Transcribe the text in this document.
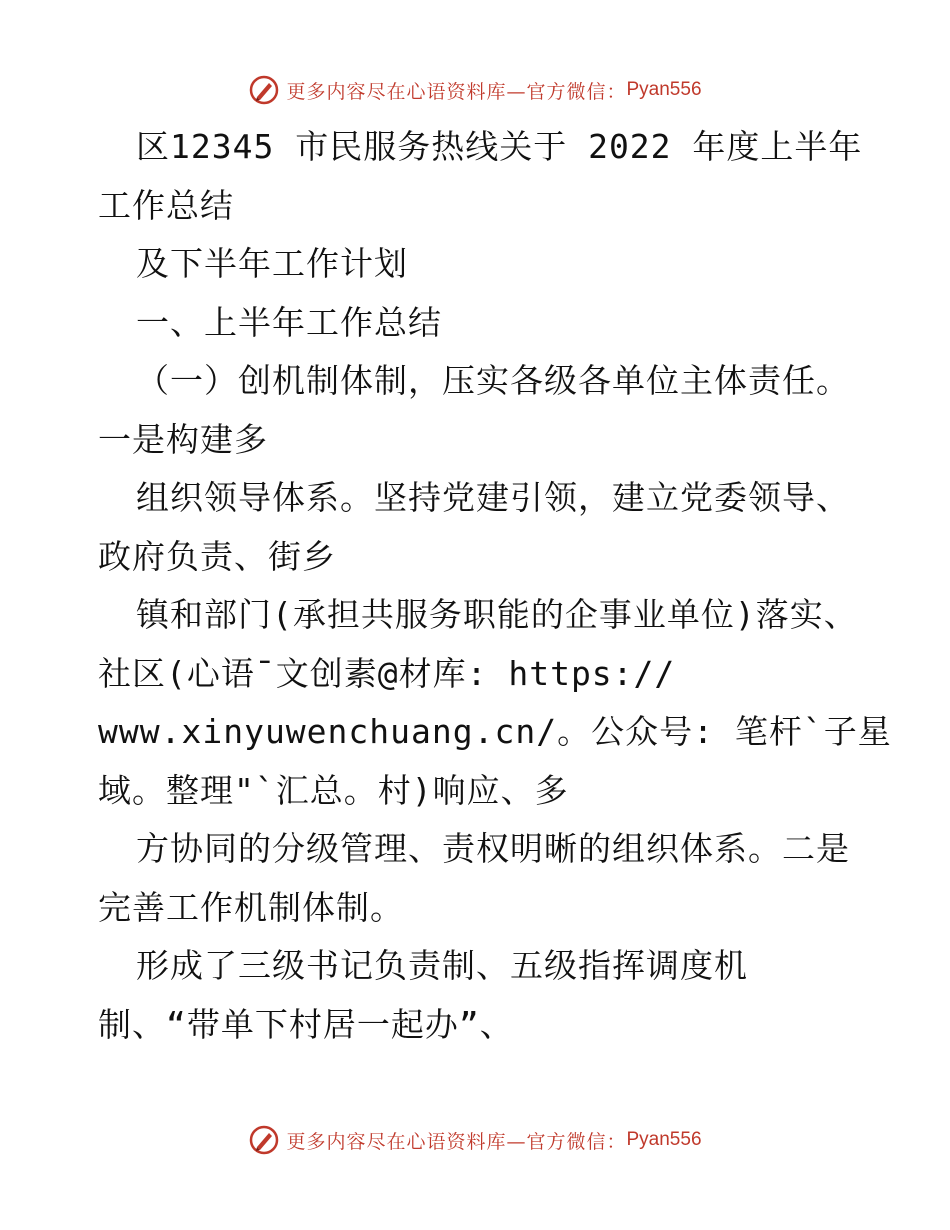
更多内容尽在心语资料库—官方微信： Pyan556
区12345 市民服务热线关于 2022 年度上半年
工作总结
及下半年工作计划
一、上半年工作总结
（一）创机制体制，压实各级各单位主体责任。
一是构建多
组织领导体系。坚持党建引领，建立党委领导、
政府负责、街乡
镇和部门(承担共服务职能的企事业单位)落实、
社区(心语¯文创素@材库: https://
www.xinyuwenchuang.cn/。公众号: 笔杆`子星
域。整理"`汇总。村)响应、多
方协同的分级管理、责权明晰的组织体系。二是
完善工作机制体制。
形成了三级书记负责制、五级指挥调度机
制、“带单下村居一起办”、
更多内容尽在心语资料库—官方微信： Pyan556
